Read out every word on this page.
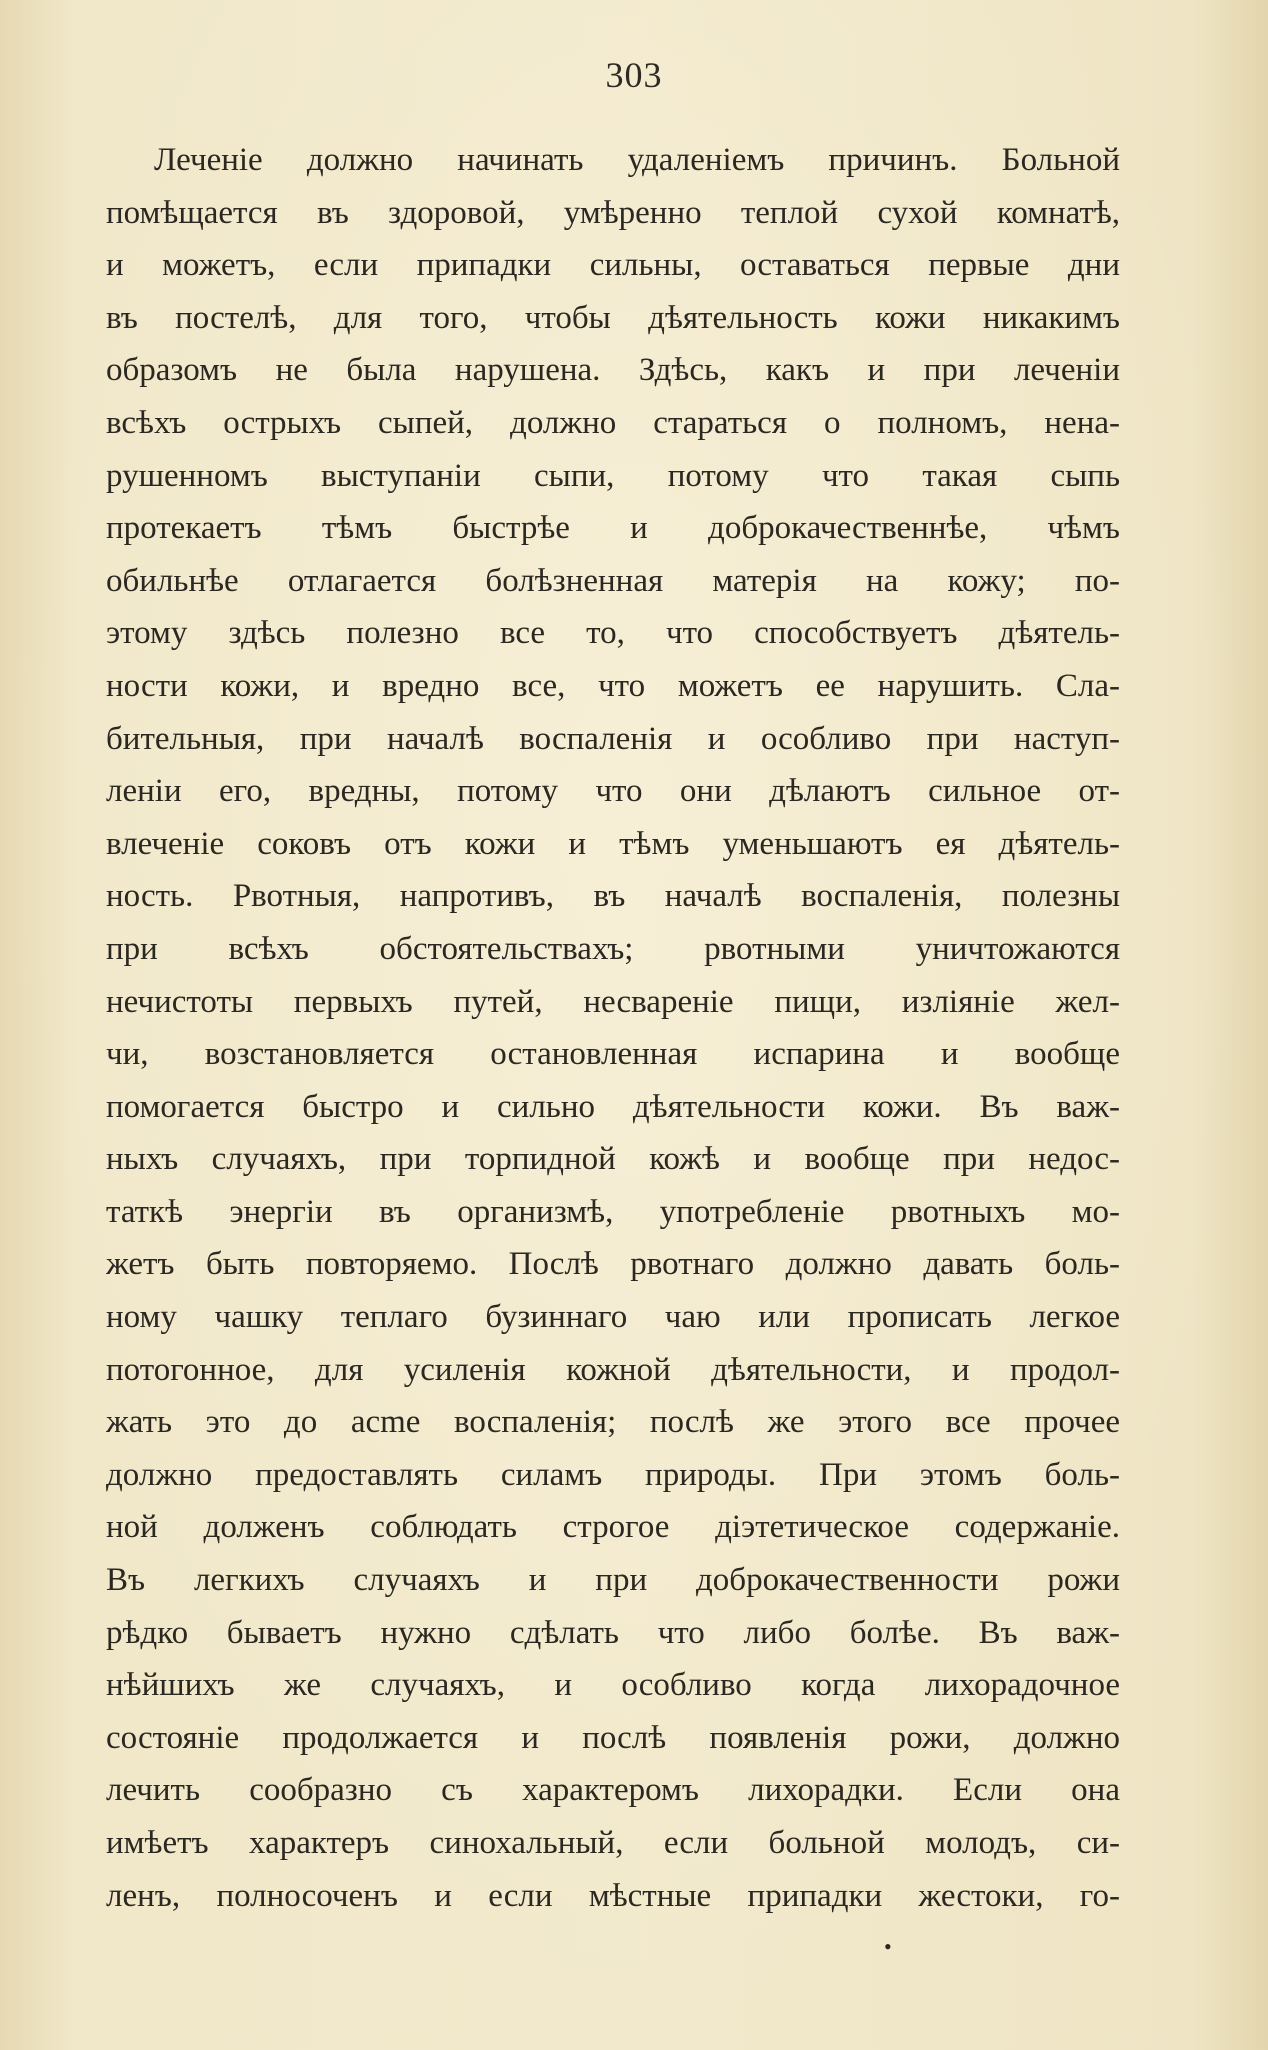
303
Леченіе должно начинать удаленіемъ причинъ. Больной
помѣщается въ здоровой, умѣренно теплой сухой комнатѣ,
и можетъ, если припадки сильны, оставаться первые дни
въ постелѣ, для того, чтобы дѣятельность кожи никакимъ
образомъ не была нарушена. Здѣсь, какъ и при леченіи
всѣхъ острыхъ сыпей, должно стараться о полномъ, нена-
рушенномъ выступаніи сыпи, потому что такая сыпь
протекаетъ тѣмъ быстрѣе и доброкачественнѣе, чѣмъ
обильнѣе отлагается болѣзненная матерія на кожу; по-
этому здѣсь полезно все то, что способствуетъ дѣятель-
ности кожи, и вредно все, что можетъ ее нарушить. Сла-
бительныя, при началѣ воспаленія и особливо при наступ-
леніи его, вредны, потому что они дѣлаютъ сильное от-
влеченіе соковъ отъ кожи и тѣмъ уменьшаютъ ея дѣятель-
ность. Рвотныя, напротивъ, въ началѣ воспаленія, полезны
при всѣхъ обстоятельствахъ; рвотными уничтожаются
нечистоты первыхъ путей, несвареніе пищи, изліяніе жел-
чи, возстановляется остановленная испарина и вообще
помогается быстро и сильно дѣятельности кожи. Въ важ-
ныхъ случаяхъ, при торпидной кожѣ и вообще при недос-
таткѣ энергіи въ организмѣ, употребленіе рвотныхъ мо-
жетъ быть повторяемо. Послѣ рвотнаго должно давать боль-
ному чашку теплаго бузиннаго чаю или прописать легкое
потогонное, для усиленія кожной дѣятельности, и продол-
жать это до acme воспаленія; послѣ же этого все прочее
должно предоставлять силамъ природы. При этомъ боль-
ной долженъ соблюдать строгое діэтетическое содержаніе.
Въ легкихъ случаяхъ и при доброкачественности рожи
рѣдко бываетъ нужно сдѣлать что либо болѣе. Въ важ-
нѣйшихъ же случаяхъ, и особливо когда лихорадочное
состояніе продолжается и послѣ появленія рожи, должно
лечить сообразно съ характеромъ лихорадки. Если она
имѣетъ характеръ синохальный, если больной молодъ, си-
ленъ, полносоченъ и если мѣстные припадки жестоки, го-
•
